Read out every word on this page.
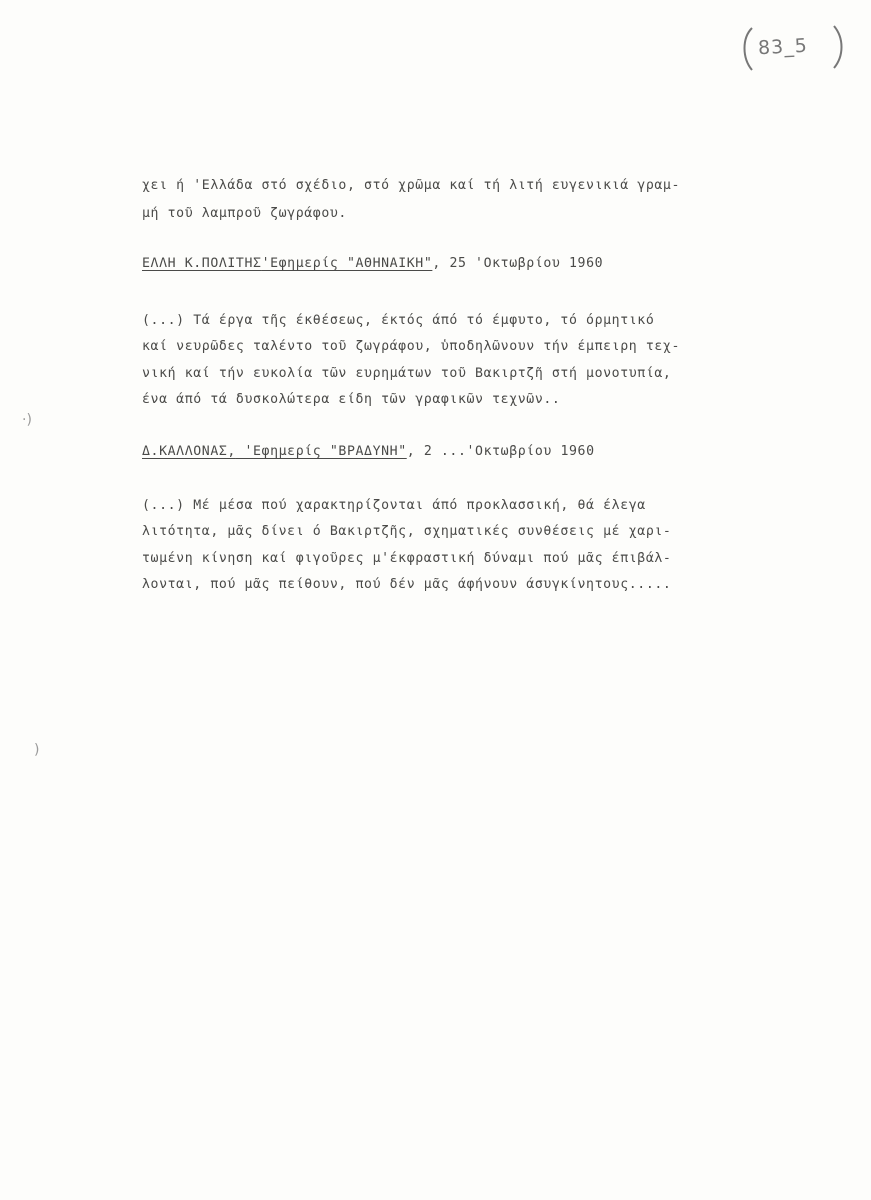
83_5
χει ή 'Ελλάδα στό σχέδιο, στό χρῶμα καί τή λιτή ευγενικιά γραμ-
μή τοῦ λαμπροῦ ζωγράφου.
ΕΛΛΗ Κ.ΠΟΛΙΤΗΣ'Εφημερίς "ΑΘΗΝΑΙΚΗ", 25 'Οκτωβρίου 1960
(...) Τά έργα τῆς έκθέσεως, έκτός άπό τό έμφυτο, τό όρμητικό
καί νευρῶδες ταλέντο τοῦ ζωγράφου, ὑποδηλῶνουν τήν έμπειρη τεχ-
νική καί τήν ευκολία τῶν ευρημάτων τοῦ Βακιρτζῆ στή μονοτυπία,
ένα άπό τά δυσκολώτερα είδη τῶν γραφικῶν τεχνῶν..
Δ.ΚΑΛΛΟΝΑΣ, 'Εφημερίς "ΒΡΑΔΥΝΗ", 2 ...'Οκτωβρίου 1960
(...) Μέ μέσα πού χαρακτηρίζονται άπό προκλασσική, θά έλεγα
λιτότητα, μᾶς δίνει ό Βακιρτζῆς, σχηματικές συνθέσεις μέ χαρι-
τωμένη κίνηση καί φιγοῦρες μ'έκφραστική δύναμι πού μᾶς έπιβάλ-
λονται, πού μᾶς πείθουν, πού δέν μᾶς άφήνουν άσυγκίνητους.....
·)
)
